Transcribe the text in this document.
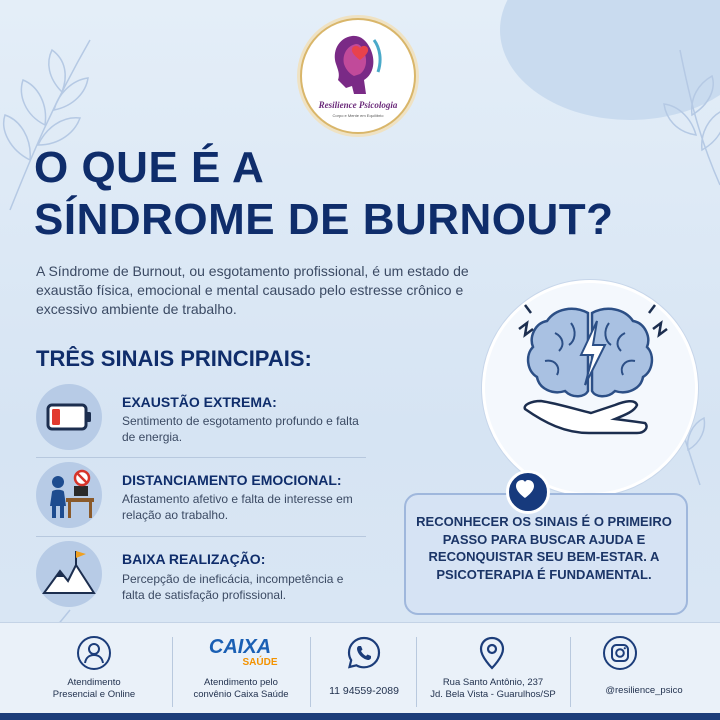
Resilience Psicologia
Corpo e Mente em Equilíbrio
O QUE É A
SÍNDROME DE BURNOUT?
A Síndrome de Burnout, ou esgotamento profissional, é um estado de exaustão física, emocional e mental causado pelo estresse crônico e excessivo ambiente de trabalho.
TRÊS SINAIS PRINCIPAIS:
EXAUSTÃO EXTREMA:
Sentimento de esgotamento profundo e falta de energia.
DISTANCIAMENTO EMOCIONAL:
Afastamento afetivo e falta de interesse em relação ao trabalho.
BAIXA REALIZAÇÃO:
Percepção de ineficácia, incompetência e falta de satisfação profissional.
RECONHECER OS SINAIS É O PRIMEIRO PASSO PARA BUSCAR AJUDA E RECONQUISTAR SEU BEM-ESTAR. A PSICOTERAPIA É FUNDAMENTAL.
Atendimento
Presencial e Online
CAIXA
SAÚDE
Atendimento pelo
convênio Caixa Saúde	11 94559-2089
Rua Santo Antônio, 237
Jd. Bela Vista - Guarulhos/SP	@resilience_psico
